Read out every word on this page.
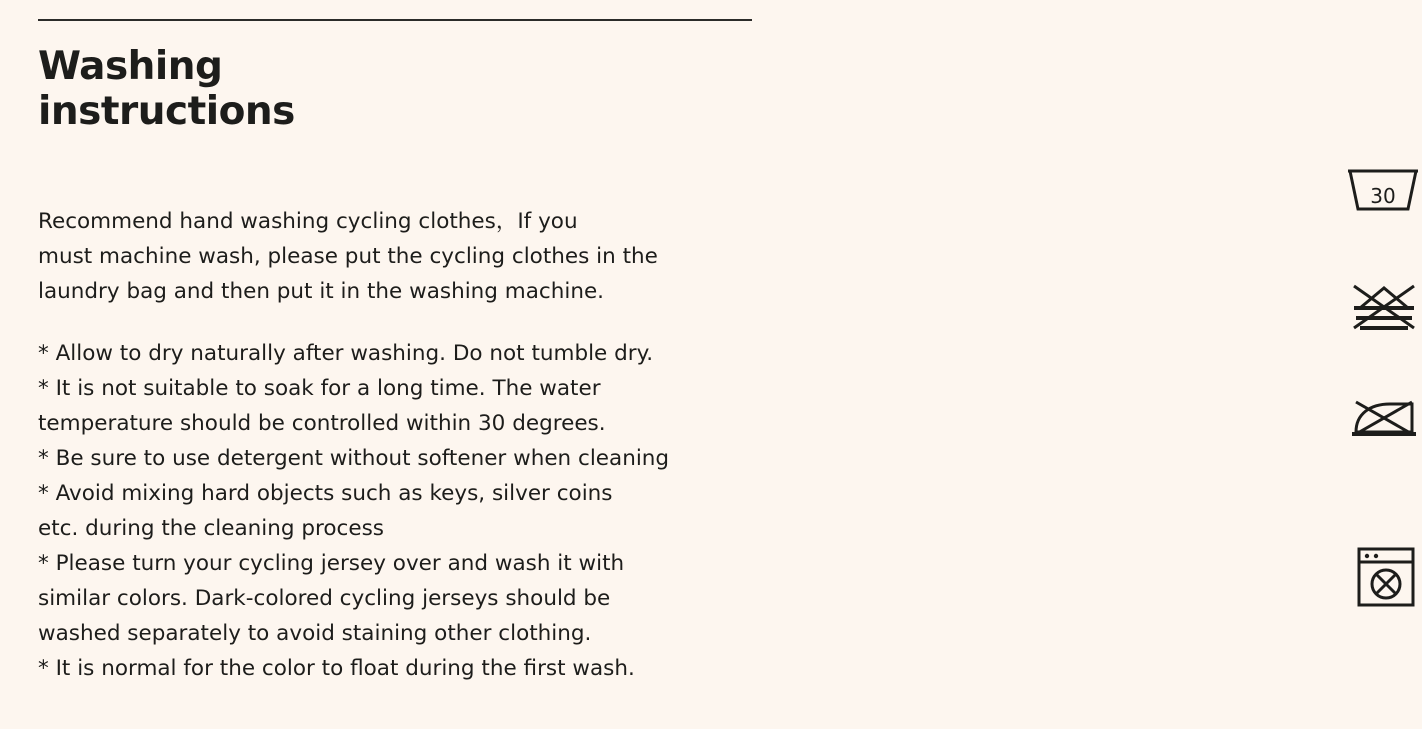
Washing
instructions
Recommend hand washing cycling clothes，If you
must machine wash, please put the cycling clothes in the
laundry bag and then put it in the washing machine.
* Allow to dry naturally after washing. Do not tumble dry.
* It is not suitable to soak for a long time. The water
temperature should be controlled within 30 degrees.
* Be sure to use detergent without softener when cleaning
* Avoid mixing hard objects such as keys, silver coins
etc. during the cleaning process
* Please turn your cycling jersey over and wash it with
similar colors. Dark-colored cycling jerseys should be
washed separately to avoid staining other clothing.
* It is normal for the color to float during the first wash.
30
